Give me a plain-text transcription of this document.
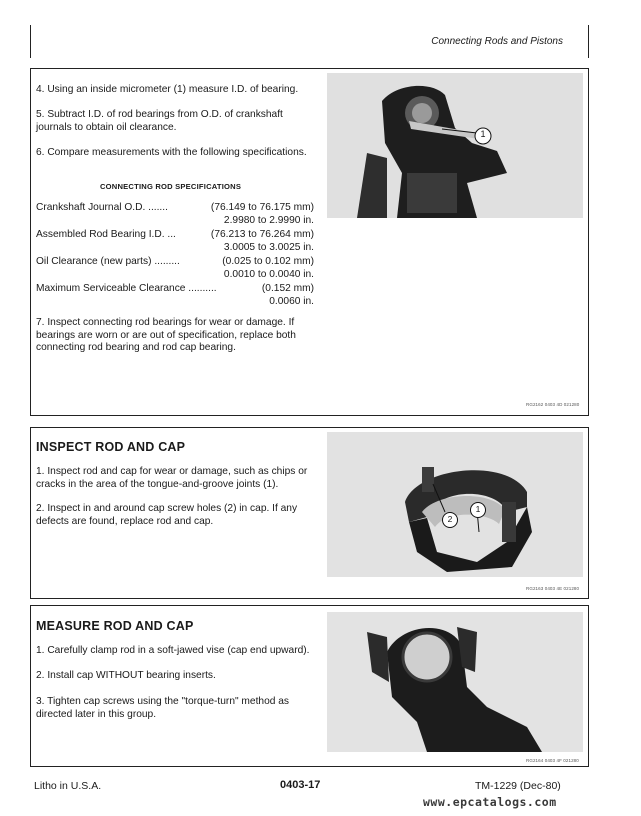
Connecting Rods and Pistons
4. Using an inside micrometer (1) measure I.D. of bearing.
5. Subtract I.D. of rod bearings from O.D. of crankshaft journals to obtain oil clearance.
6. Compare measurements with the following specifications.
CONNECTING ROD SPECIFICATIONS
Crankshaft Journal O.D. .......	(76.149 to 76.175 mm)
2.9980 to 2.9990 in.
Assembled Rod Bearing I.D. ...	(76.213 to 76.264 mm)
3.0005 to 3.0025 in.
Oil Clearance (new parts) .........	(0.025 to 0.102 mm)
0.0010 to 0.0040 in.
Maximum Serviceable Clearance ..........	(0.152 mm)
0.0060 in.
7. Inspect connecting rod bearings for wear or damage. If bearings are worn or are out of specification, replace both connecting rod bearing and rod cap bearing.
1
RG2162 0403 4D 021280
INSPECT ROD AND CAP
1. Inspect rod and cap for wear or damage, such as chips or cracks in the area of the tongue-and-groove joints (1).
2. Inspect in and around cap screw holes (2) in cap. If any defects are found, replace rod and cap.	2
1
RG2163 0403 4E 021280
MEASURE ROD AND CAP
1. Carefully clamp rod in a soft-jawed vise (cap end upward).
2. Install cap WITHOUT bearing inserts.
3. Tighten cap screws using the "torque-turn" method as directed later in this group.
RG2164 0403 4F 021280
Litho in U.S.A.	0403-17	TM-1229 (Dec-80)
www.epcatalogs.com
